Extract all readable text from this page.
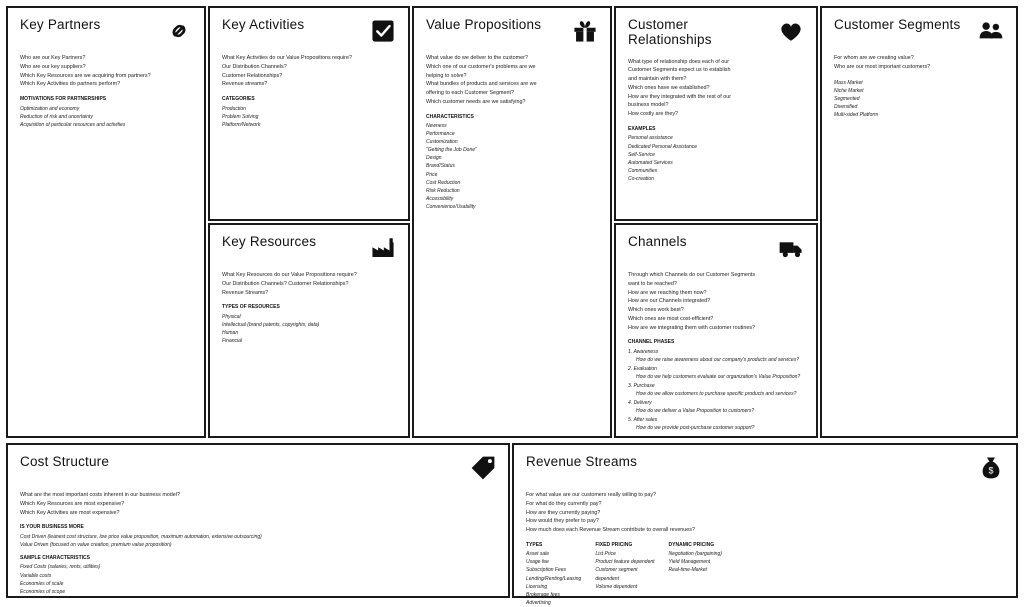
Key Partners
Who are our Key Partners?
Who are our key suppliers?
Which Key Resources are we acquiring from partners?
Which Key Activities do partners perform?
MOTIVATIONS FOR PARTNERSHIPS
Optimization and economy
Reduction of risk and uncertainty
Acquisition of particular resources and activities
Key Activities
What Key Activities do our Value Propositions require?
Our Distribution Channels?
Customer Relationships?
Revenue streams?
CATEGORIES
Production
Problem Solving
Platform/Network
Key Resources
What Key Resources do our Value Propositions require?
Our Distribution Channels? Customer Relationships?
Revenue Streams?
TYPES OF RESOURCES
Physical
Intellectual (brand patents, copyrights, data)
Human
Financial
Value Propositions
What value do we deliver to the customer?
Which one of our customer's problems are we
helping to solve?
What bundles of products and services are we
offering to each Customer Segment?
Which customer needs are we satisfying?
CHARACTERISTICS
Newness
Performance
Customization
"Getting the Job Done"
Design
Brand/Status
Price
Cost Reduction
Risk Reduction
Accessibility
Convenience/Usability
Customer Relationships
What type of relationship does each of our
Customer Segments expect us to establish
and maintain with them?
Which ones have we established?
How are they integrated with the rest of our
business model?
How costly are they?
EXAMPLES
Personal assistance
Dedicated Personal Assistance
Self-Service
Automated Services
Communities
Co-creation
Channels
Through which Channels do our Customer Segments
want to be reached?
How are we reaching them now?
How are our Channels integrated?
Which ones work best?
Which ones are most cost-efficient?
How are we integrating them with customer routines?
CHANNEL PHASES
1. Awareness
How do we raise awareness about our company's products and services?
2. Evaluation
How do we help customers evaluate our organization's Value Proposition?
3. Purchase
How do we allow customers to purchase specific products and services?
4. Delivery
How do we deliver a Value Proposition to customers?
5. After sales
How do we provide post-purchase customer support?
Customer Segments
For whom are we creating value?
Who are our most important customers?
Mass Market
Niche Market
Segmented
Diversified
Multi-sided Platform
Cost Structure
What are the most important costs inherent in our business model?
Which Key Resources are most expensive?
Which Key Activities are most expensive?
IS YOUR BUSINESS MORE
Cost Driven (leanest cost structure, low price value proposition, maximum automation, extensive outsourcing)
Value Driven (focused on value creation, premium value proposition)
SAMPLE CHARACTERISTICS
Fixed Costs (salaries, rents, utilities)
Variable costs
Economies of scale
Economies of scope
Revenue Streams
$
For what value are our customers really willing to pay?
For what do they currently pay?
How are they currently paying?
How would they prefer to pay?
How much does each Revenue Stream contribute to overall revenues?
TYPES
Asset sale
Usage fee
Subscription Fees
Lending/Renting/Leasing
Licensing
Brokerage fees
Advertising
FIXED PRICING
List Price
Product feature dependent
Customer segment
dependent
Volume dependent
DYNAMIC PRICING
Negotiation (bargaining)
Yield Management
Real-time-Market
